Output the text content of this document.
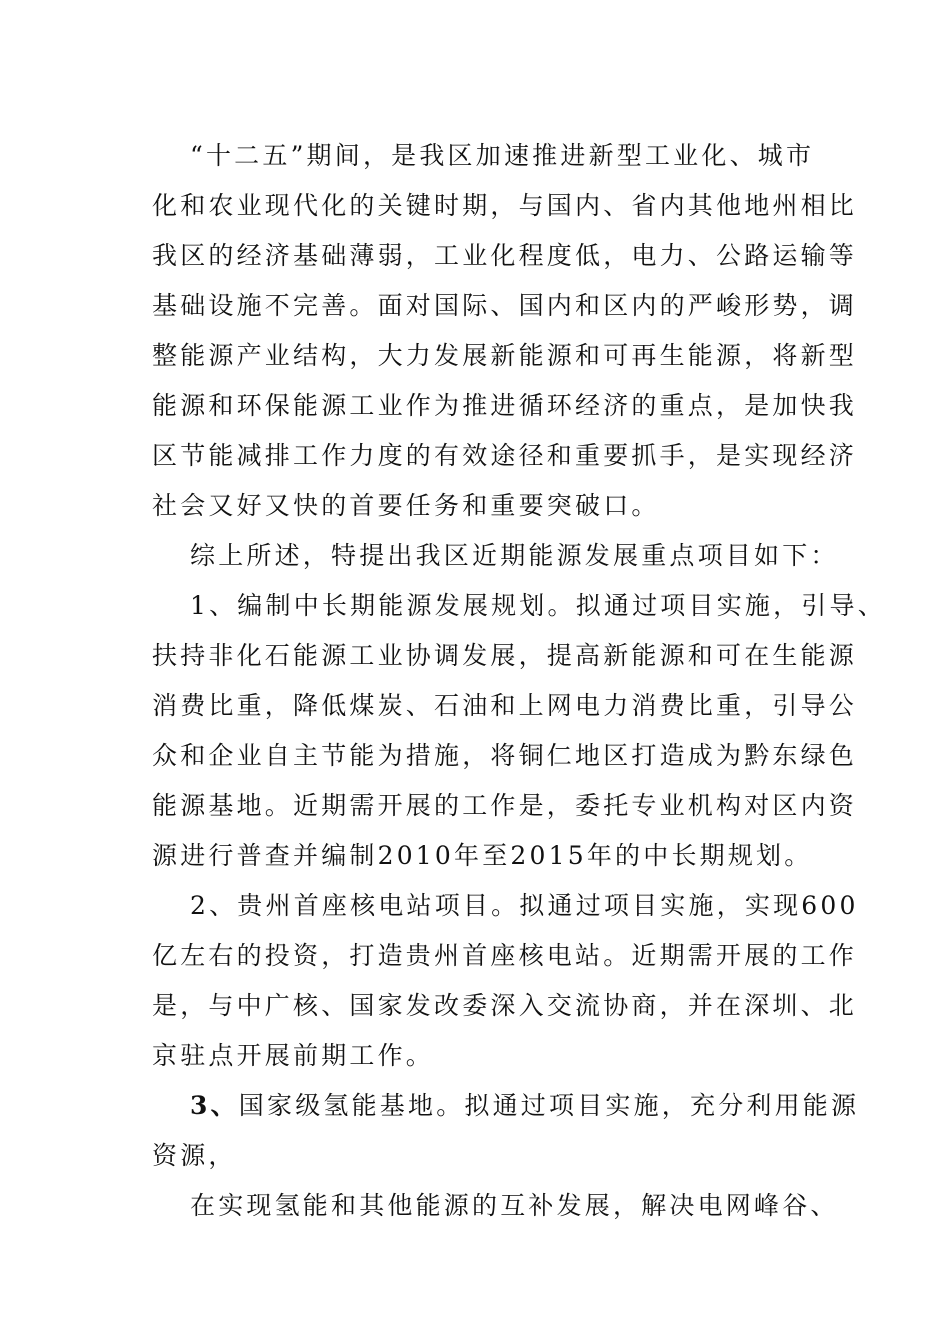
“十二五”期间，是我区加速推进新型工业化、城市
化和农业现代化的关键时期，与国内、省内其他地州相比
我区的经济基础薄弱，工业化程度低，电力、公路运输等
基础设施不完善。面对国际、国内和区内的严峻形势，调
整能源产业结构，大力发展新能源和可再生能源，将新型
能源和环保能源工业作为推进循环经济的重点，是加快我
区节能减排工作力度的有效途径和重要抓手，是实现经济
社会又好又快的首要任务和重要突破口。
综上所述，特提出我区近期能源发展重点项目如下：
1、编制中长期能源发展规划。拟通过项目实施，引导、
扶持非化石能源工业协调发展，提高新能源和可在生能源
消费比重，降低煤炭、石油和上网电力消费比重，引导公
众和企业自主节能为措施，将铜仁地区打造成为黔东绿色
能源基地。近期需开展的工作是，委托专业机构对区内资
源进行普查并编制2010年至2015年的中长期规划。
2、贵州首座核电站项目。拟通过项目实施，实现600
亿左右的投资，打造贵州首座核电站。近期需开展的工作
是，与中广核、国家发改委深入交流协商，并在深圳、北
京驻点开展前期工作。
3、国家级氢能基地。拟通过项目实施，充分利用能源
资源，
在实现氢能和其他能源的互补发展，解决电网峰谷、
